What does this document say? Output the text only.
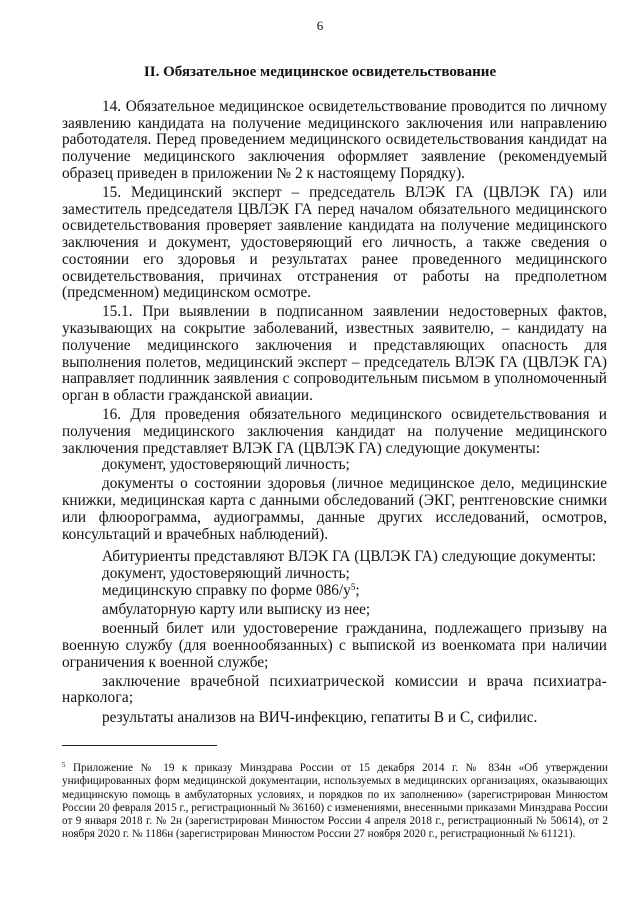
6
II. Обязательное медицинское освидетельствование

14. Обязательное медицинское освидетельствование проводится по личному заявлению кандидата на получение медицинского заключения или направлению работодателя. Перед проведением медицинского освидетельствования кандидат на получение медицинского заключения оформляет заявление (рекомендуемый образец приведен в приложении № 2 к настоящему Порядку).

15. Медицинский эксперт – председатель ВЛЭК ГА (ЦВЛЭК ГА) или заместитель председателя ЦВЛЭК ГА перед началом обязательного медицинского освидетельствования проверяет заявление кандидата на получение медицинского заключения и документ, удостоверяющий его личность, а также сведения о состоянии его здоровья и результатах ранее проведенного медицинского освидетельствования, причинах отстранения от работы на предполетном (предсменном) медицинском осмотре.

15.1. При выявлении в подписанном заявлении недостоверных фактов, указывающих на сокрытие заболеваний, известных заявителю, – кандидату на получение медицинского заключения и представляющих опасность для выполнения полетов, медицинский эксперт – председатель ВЛЭК ГА (ЦВЛЭК ГА) направляет подлинник заявления с сопроводительным письмом в уполномоченный орган в области гражданской авиации.

16. Для проведения обязательного медицинского освидетельствования и получения медицинского заключения кандидат на получение медицинского заключения представляет ВЛЭК ГА (ЦВЛЭК ГА) следующие документы:

документ, удостоверяющий личность;

документы о состоянии здоровья (личное медицинское дело, медицинские книжки, медицинская карта с данными обследований (ЭКГ, рентгеновские снимки или флюорограмма, аудиограммы, данные других исследований, осмотров, консультаций и врачебных наблюдений).

Абитуриенты представляют ВЛЭК ГА (ЦВЛЭК ГА) следующие документы:

документ, удостоверяющий личность;

медицинскую справку по форме $086/у^5$;

амбулаторную карту или выписку из нее;

военный билет или удостоверение гражданина, подлежащего призыву на военную службу (для военнообязанных) с выпиской из военкомата при наличии ограничения к военной службе;

заключение врачебной психиатрической комиссии и врача психиатра-нарколога;

результаты анализов на ВИЧ-инфекцию, гепатиты В и С, сифилис.

$^5$ Приложение № 19 к приказу Минздрава России от 15 декабря 2014 г. № 834н «Об утверждении унифицированных форм медицинской документации, используемых в медицинских организациях, оказывающих медицинскую помощь в амбулаторных условиях, и порядков по их заполнению» (зарегистрирован Минюстом России 20 февраля 2015 г., регистрационный № 36160) с изменениями, внесенными приказами Минздрава России от 9 января 2018 г. № 2н (зарегистрирован Минюстом России 4 апреля 2018 г., регистрационный № 50614), от 2 ноября 2020 г. № 1186н (зарегистрирован Минюстом России 27 ноября 2020 г., регистрационный № 61121).
